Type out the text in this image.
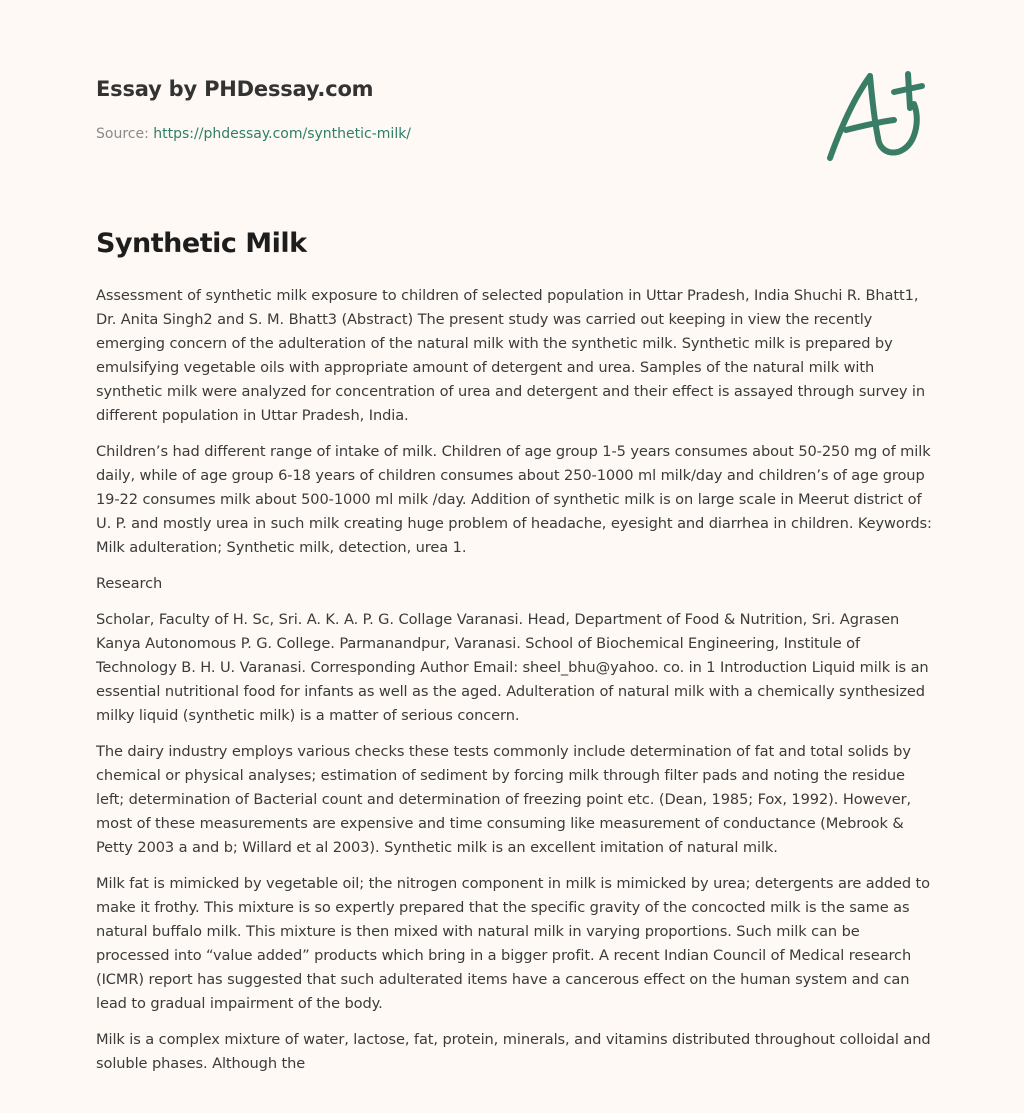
Essay by PHDessay.com
Source: https://phdessay.com/synthetic-milk/
Synthetic Milk

Assessment of synthetic milk exposure to children of selected population in Uttar Pradesh, India Shuchi R. Bhatt1, Dr. Anita Singh2 and S. M. Bhatt3 (Abstract) The present study was carried out keeping in view the recently emerging concern of the adulteration of the natural milk with the synthetic milk. Synthetic milk is prepared by emulsifying vegetable oils with appropriate amount of detergent and urea. Samples of the natural milk with synthetic milk were analyzed for concentration of urea and detergent and their effect is assayed through survey in different population in Uttar Pradesh, India.

Children’s had different range of intake of milk. Children of age group 1-5 years consumes about 50-250 mg of milk daily, while of age group 6-18 years of children consumes about 250-1000 ml milk/day and children’s of age group 19-22 consumes milk about 500-1000 ml milk /day. Addition of synthetic milk is on large scale in Meerut district of U. P. and mostly urea in such milk creating huge problem of headache, eyesight and diarrhea in children. Keywords: Milk adulteration; Synthetic milk, detection, urea 1.

Research

Scholar, Faculty of H. Sc, Sri. A. K. A. P. G. Collage Varanasi. Head, Department of Food & Nutrition, Sri. Agrasen Kanya Autonomous P. G. College. Parmanandpur, Varanasi. School of Biochemical Engineering, Institule of Technology B. H. U. Varanasi. Corresponding Author Email: sheel_bhu@yahoo. co. in 1 Introduction Liquid milk is an essential nutritional food for infants as well as the aged. Adulteration of natural milk with a chemically synthesized milky liquid (synthetic milk) is a matter of serious concern.

The dairy industry employs various checks these tests commonly include determination of fat and total solids by chemical or physical analyses; estimation of sediment by forcing milk through filter pads and noting the residue left; determination of Bacterial count and determination of freezing point etc. (Dean, 1985; Fox, 1992). However, most of these measurements are expensive and time consuming like measurement of conductance (Mebrook & Petty 2003 a and b; Willard et al 2003). Synthetic milk is an excellent imitation of natural milk.

Milk fat is mimicked by vegetable oil; the nitrogen component in milk is mimicked by urea; detergents are added to make it frothy. This mixture is so expertly prepared that the specific gravity of the concocted milk is the same as natural buffalo milk. This mixture is then mixed with natural milk in varying proportions. Such milk can be processed into “value added” products which bring in a bigger profit. A recent Indian Council of Medical research (ICMR) report has suggested that such adulterated items have a cancerous effect on the human system and can lead to gradual impairment of the body.

Milk is a complex mixture of water, lactose, fat, protein, minerals, and vitamins distributed throughout colloidal and soluble phases. Although the
